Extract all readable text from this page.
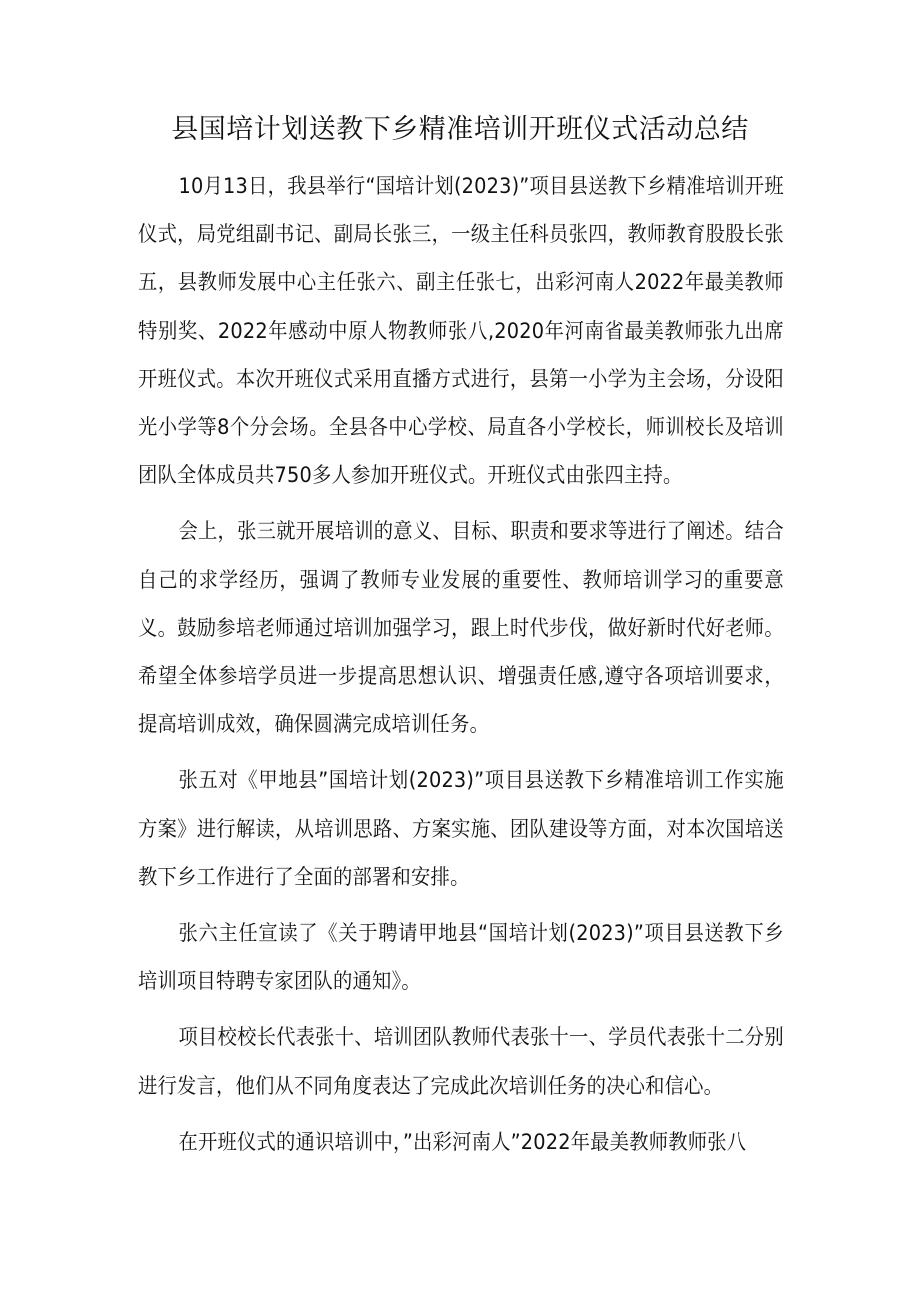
县国培计划送教下乡精准培训开班仪式活动总结

10月13日，我县举行“国培计划(2023)”项目县送教下乡精准培训开班仪式，局党组副书记、副局长张三，一级主任科员张四，教师教育股股长张五，县教师发展中心主任张六、副主任张七，出彩河南人2022年最美教师特别奖、2022年感动中原人物教师张八,2020年河南省最美教师张九出席开班仪式。本次开班仪式采用直播方式进行，县第一小学为主会场，分设阳光小学等8个分会场。全县各中心学校、局直各小学校长，师训校长及培训团队全体成员共750多人参加开班仪式。开班仪式由张四主持。

会上，张三就开展培训的意义、目标、职责和要求等进行了阐述。结合自己的求学经历，强调了教师专业发展的重要性、教师培训学习的重要意义。鼓励参培老师通过培训加强学习，跟上时代步伐，做好新时代好老师。希望全体参培学员进一步提高思想认识、增强责任感,遵守各项培训要求，提高培训成效，确保圆满完成培训任务。

张五对《甲地县”国培计划(2023)”项目县送教下乡精准培训工作实施方案》进行解读，从培训思路、方案实施、团队建设等方面，对本次国培送教下乡工作进行了全面的部署和安排。

张六主任宣读了《关于聘请甲地县“国培计划(2023)”项目县送教下乡培训项目特聘专家团队的通知》。

项目校校长代表张十、培训团队教师代表张十一、学员代表张十二分别进行发言，他们从不同角度表达了完成此次培训任务的决心和信心。

在开班仪式的通识培训中，”出彩河南人”2022年最美教师教师张八
